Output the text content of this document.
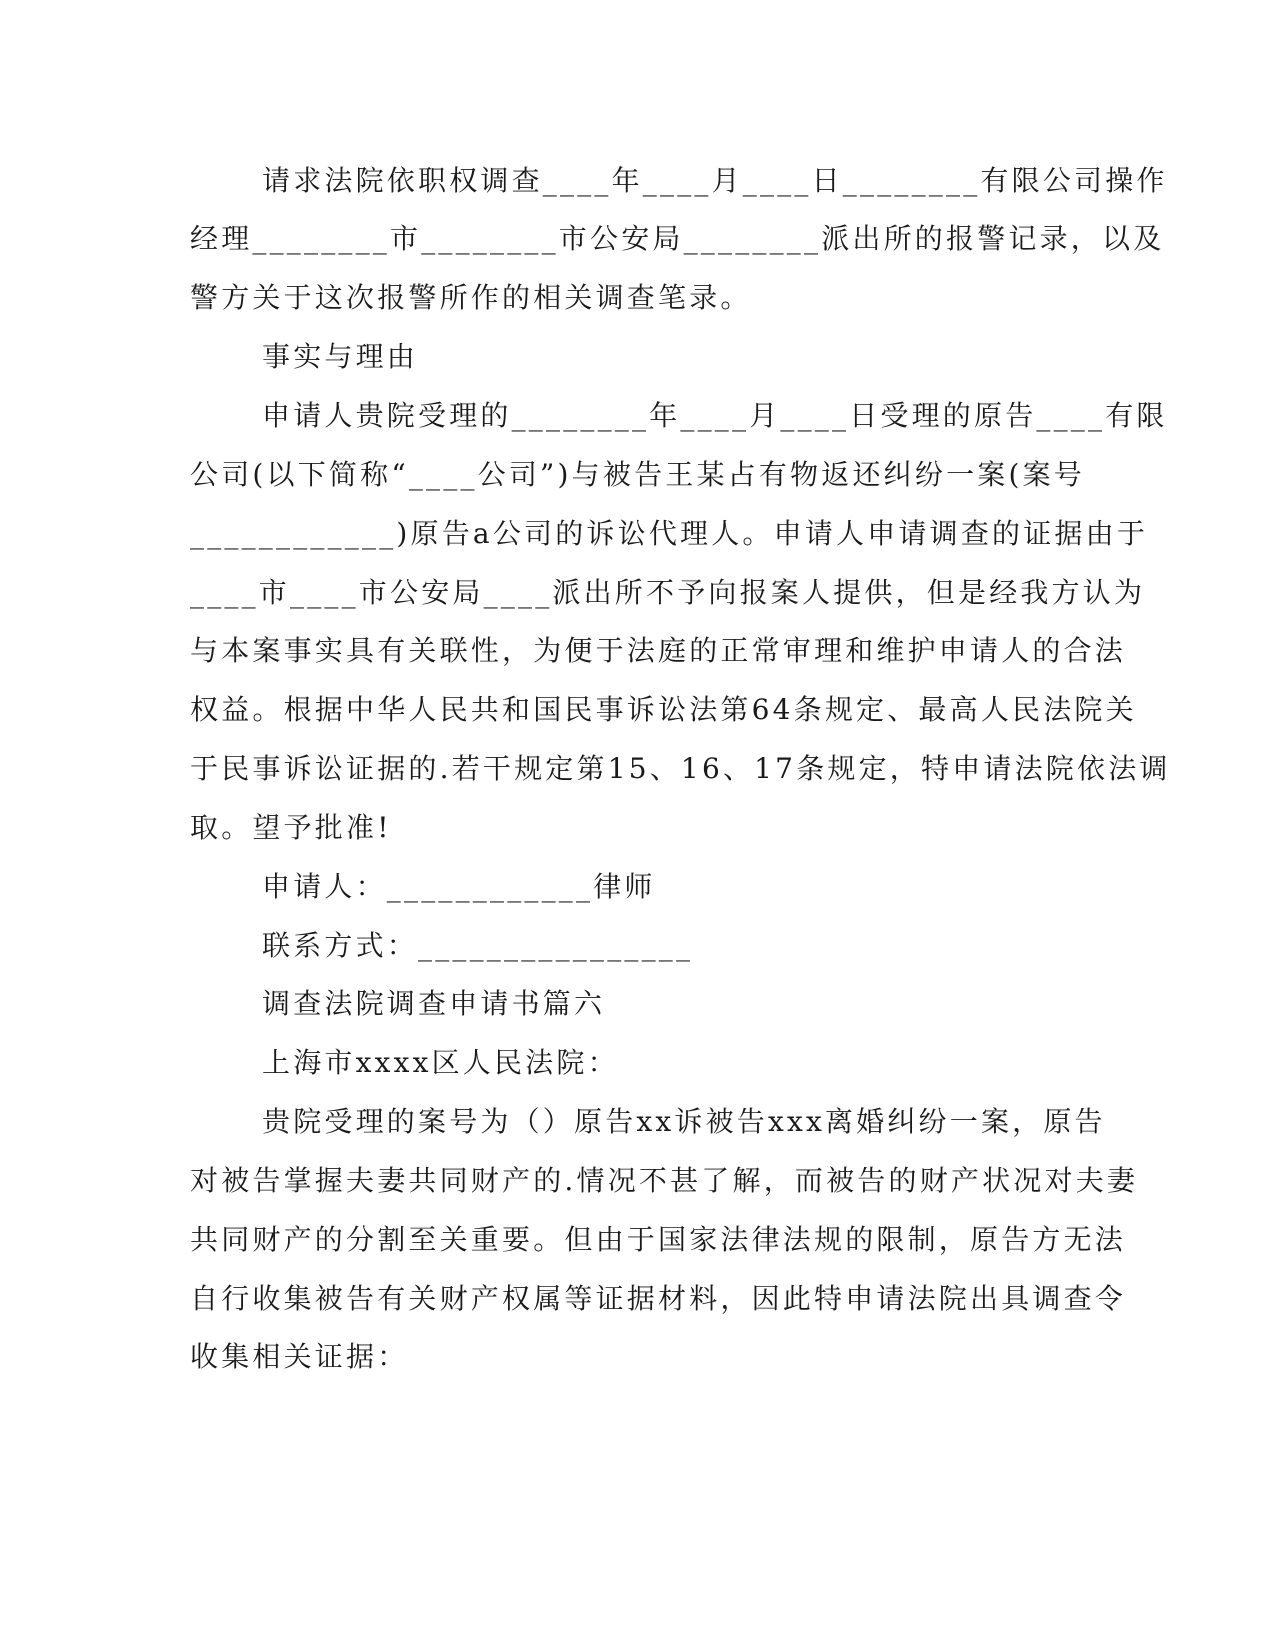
请求法院依职权调查____年____月____日________有限公司操作

经理________市________市公安局________派出所的报警记录，以及

警方关于这次报警所作的相关调查笔录。

事实与理由

申请人贵院受理的________年____月____日受理的原告____有限

公司(以下简称“____公司”)与被告王某占有物返还纠纷一案(案号

____________)原告a公司的诉讼代理人。申请人申请调查的证据由于

____市____市公安局____派出所不予向报案人提供，但是经我方认为

与本案事实具有关联性，为便于法庭的正常审理和维护申请人的合法

权益。根据中华人民共和国民事诉讼法第64条规定、最高人民法院关

于民事诉讼证据的.若干规定第15、16、17条规定，特申请法院依法调

取。望予批准!

申请人：____________律师

联系方式：________________

调查法院调查申请书篇六

上海市xxxx区人民法院：

贵院受理的案号为（）原告xx诉被告xxx离婚纠纷一案，原告

对被告掌握夫妻共同财产的.情况不甚了解，而被告的财产状况对夫妻

共同财产的分割至关重要。但由于国家法律法规的限制，原告方无法

自行收集被告有关财产权属等证据材料，因此特申请法院出具调查令

收集相关证据：
